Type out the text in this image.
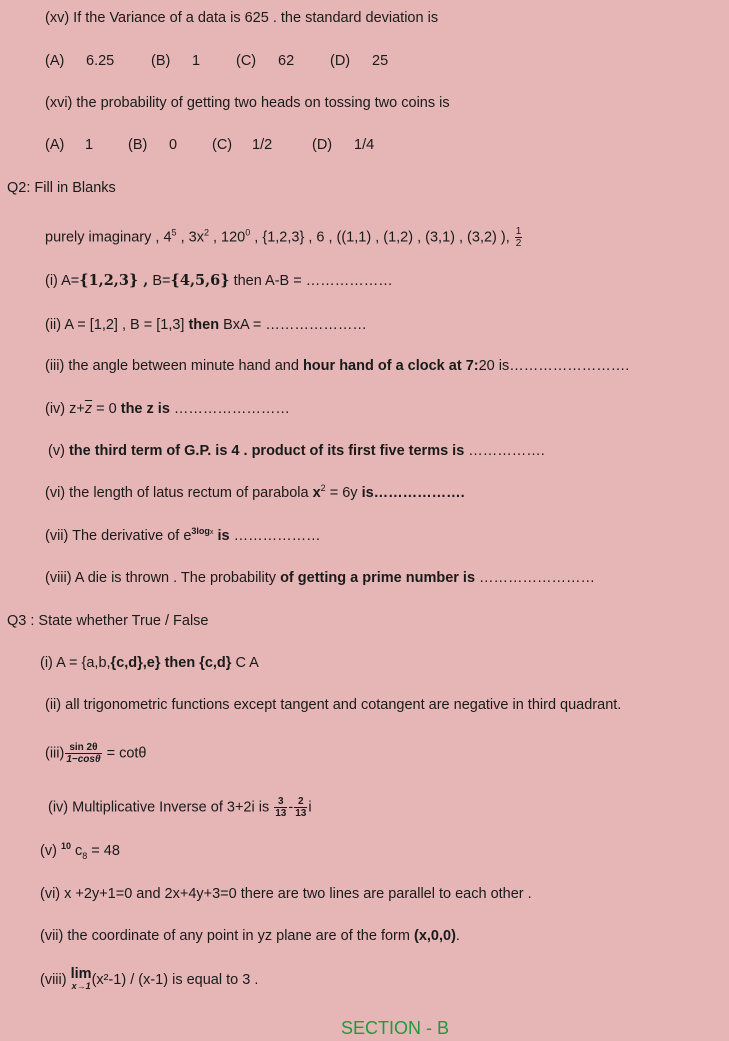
(xv) If the Variance of a data is 625 . the standard deviation is
(A) 6.25	(B) 1 (C) 62 (D) 25
(xvi) the probability of getting two heads on tossing two coins is
(A) 1 (B) 0 (C) 1/2	(D) 1/4
Q2: Fill in Blanks
purely imaginary , $4^5$ , $3x^2$ , $120^0$ , {1,2,3} , 6 , ((1,1) , (1,2) , (3,1) , (3,2) ), $\frac{1}{2}$
(i) A={1,2,3} , B={4,5,6} then A-B = ………………
(ii) A = [1,2] , B = [1,3] then BxA = …………………
(iii) the angle between minute hand and hour hand of a clock at 7:20 is…………………….
(iv) $z+\overline{z} = 0$ the z is ……………………
(v) the third term of G.P. is 4 . product of its first five terms is …………….
(vi) the length of latus rectum of parabola $x^2 = 6y$ is……………….
(vii) The derivative of $e^{3logx}$ is ………………
(viii) A die is thrown . The probability of getting a prime number is ……………………
Q3 : State whether True / False
(i) A = {a,b,{c,d},e} then {c,d} C A
(ii) all trigonometric functions except tangent and cotangent are negative in third quadrant.
$(iii) \frac{\sin 2\theta}{1-\cos\theta} = \cot\theta$
(iv) Multiplicative Inverse of 3+2i is $\frac{3}{13} - \frac{2}{13}$ i
(v) $^{10}$ $c_8 = 48$
(vi) x +2y+1=0 and 2x+4y+3=0 there are two lines are parallel to each other .
(vii) the coordinate of any point in yz plane are of the form (x,0,0).
(viii) lim
x→1 (x²-1) / (x-1) is equal to 3 .
SECTION - B
